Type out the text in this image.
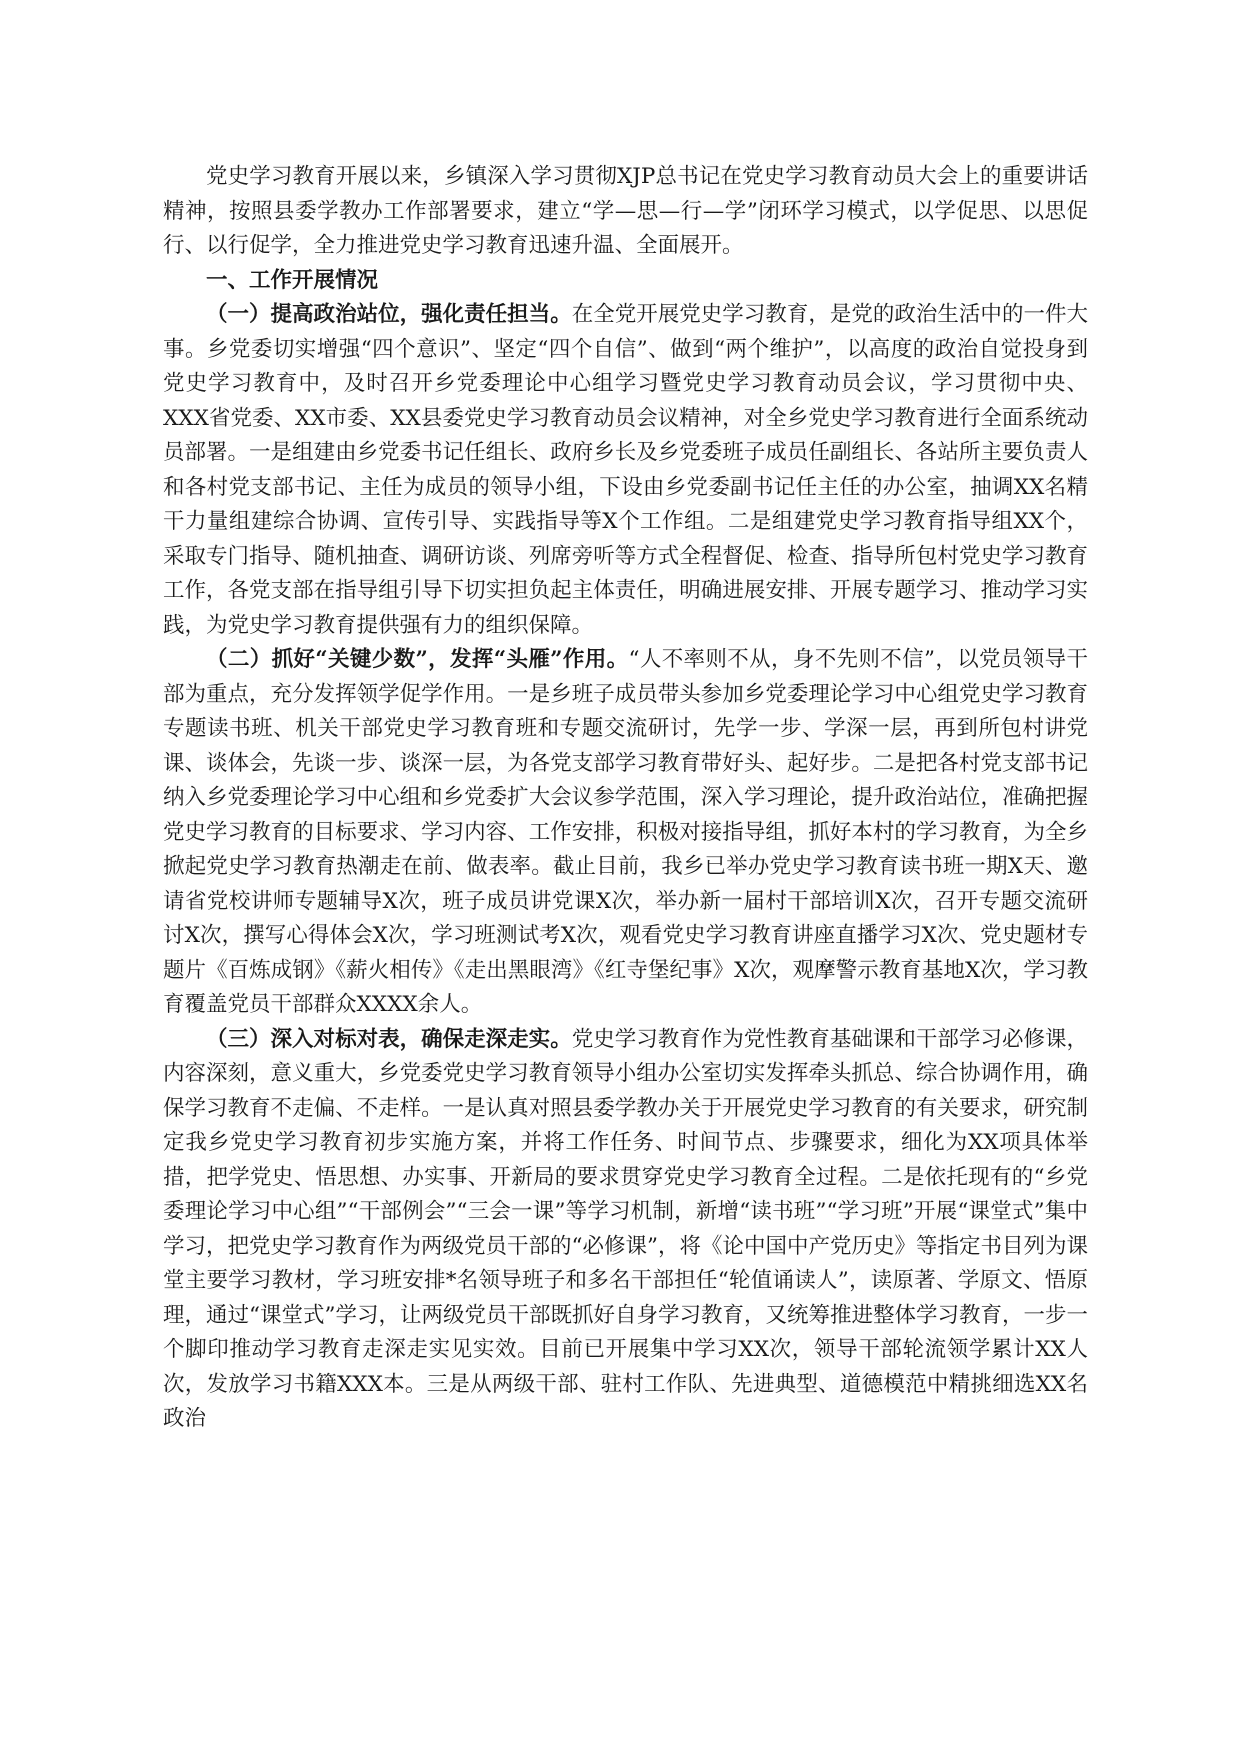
党史学习教育开展以来，乡镇深入学习贯彻XJP总书记在党史学习教育动员大会上的重要讲话精神，按照县委学教办工作部署要求，建立“学—思—行—学”闭环学习模式，以学促思、以思促行、以行促学，全力推进党史学习教育迅速升温、全面展开。

一、工作开展情况

（一）提高政治站位，强化责任担当。在全党开展党史学习教育，是党的政治生活中的一件大事。乡党委切实增强“四个意识”、坚定“四个自信”、做到“两个维护”，以高度的政治自觉投身到党史学习教育中，及时召开乡党委理论中心组学习暨党史学习教育动员会议，学习贯彻中央、XXX省党委、XX市委、XX县委党史学习教育动员会议精神，对全乡党史学习教育进行全面系统动员部署。一是组建由乡党委书记任组长、政府乡长及乡党委班子成员任副组长、各站所主要负责人和各村党支部书记、主任为成员的领导小组，下设由乡党委副书记任主任的办公室，抽调XX名精干力量组建综合协调、宣传引导、实践指导等X个工作组。二是组建党史学习教育指导组XX个，采取专门指导、随机抽查、调研访谈、列席旁听等方式全程督促、检查、指导所包村党史学习教育工作，各党支部在指导组引导下切实担负起主体责任，明确进展安排、开展专题学习、推动学习实践，为党史学习教育提供强有力的组织保障。

（二）抓好“关键少数”，发挥“头雁”作用。“人不率则不从，身不先则不信”，以党员领导干部为重点，充分发挥领学促学作用。一是乡班子成员带头参加乡党委理论学习中心组党史学习教育专题读书班、机关干部党史学习教育班和专题交流研讨，先学一步、学深一层，再到所包村讲党课、谈体会，先谈一步、谈深一层，为各党支部学习教育带好头、起好步。二是把各村党支部书记纳入乡党委理论学习中心组和乡党委扩大会议参学范围，深入学习理论，提升政治站位，准确把握党史学习教育的目标要求、学习内容、工作安排，积极对接指导组，抓好本村的学习教育，为全乡掀起党史学习教育热潮走在前、做表率。截止目前，我乡已举办党史学习教育读书班一期X天、邀请省党校讲师专题辅导X次，班子成员讲党课X次，举办新一届村干部培训X次，召开专题交流研讨X次，撰写心得体会X次，学习班测试考X次，观看党史学习教育讲座直播学习X次、党史题材专题片《百炼成钢》《薪火相传》《走出黑眼湾》《红寺堡纪事》X次，观摩警示教育基地X次，学习教育覆盖党员干部群众XXXX余人。

（三）深入对标对表，确保走深走实。党史学习教育作为党性教育基础课和干部学习必修课，内容深刻，意义重大，乡党委党史学习教育领导小组办公室切实发挥牵头抓总、综合协调作用，确保学习教育不走偏、不走样。一是认真对照县委学教办关于开展党史学习教育的有关要求，研究制定我乡党史学习教育初步实施方案，并将工作任务、时间节点、步骤要求，细化为XX项具体举措，把学党史、悟思想、办实事、开新局的要求贯穿党史学习教育全过程。二是依托现有的“乡党委理论学习中心组”“干部例会”“三会一课”等学习机制，新增“读书班”“学习班”开展“课堂式”集中学习，把党史学习教育作为两级党员干部的“必修课”，将《论中国中产党历史》等指定书目列为课堂主要学习教材，学习班安排*名领导班子和多名干部担任“轮值诵读人”，读原著、学原文、悟原理，通过“课堂式”学习，让两级党员干部既抓好自身学习教育，又统筹推进整体学习教育，一步一个脚印推动学习教育走深走实见实效。目前已开展集中学习XX次，领导干部轮流领学累计XX人次，发放学习书籍XXX本。三是从两级干部、驻村工作队、先进典型、道德模范中精挑细选XX名政治
